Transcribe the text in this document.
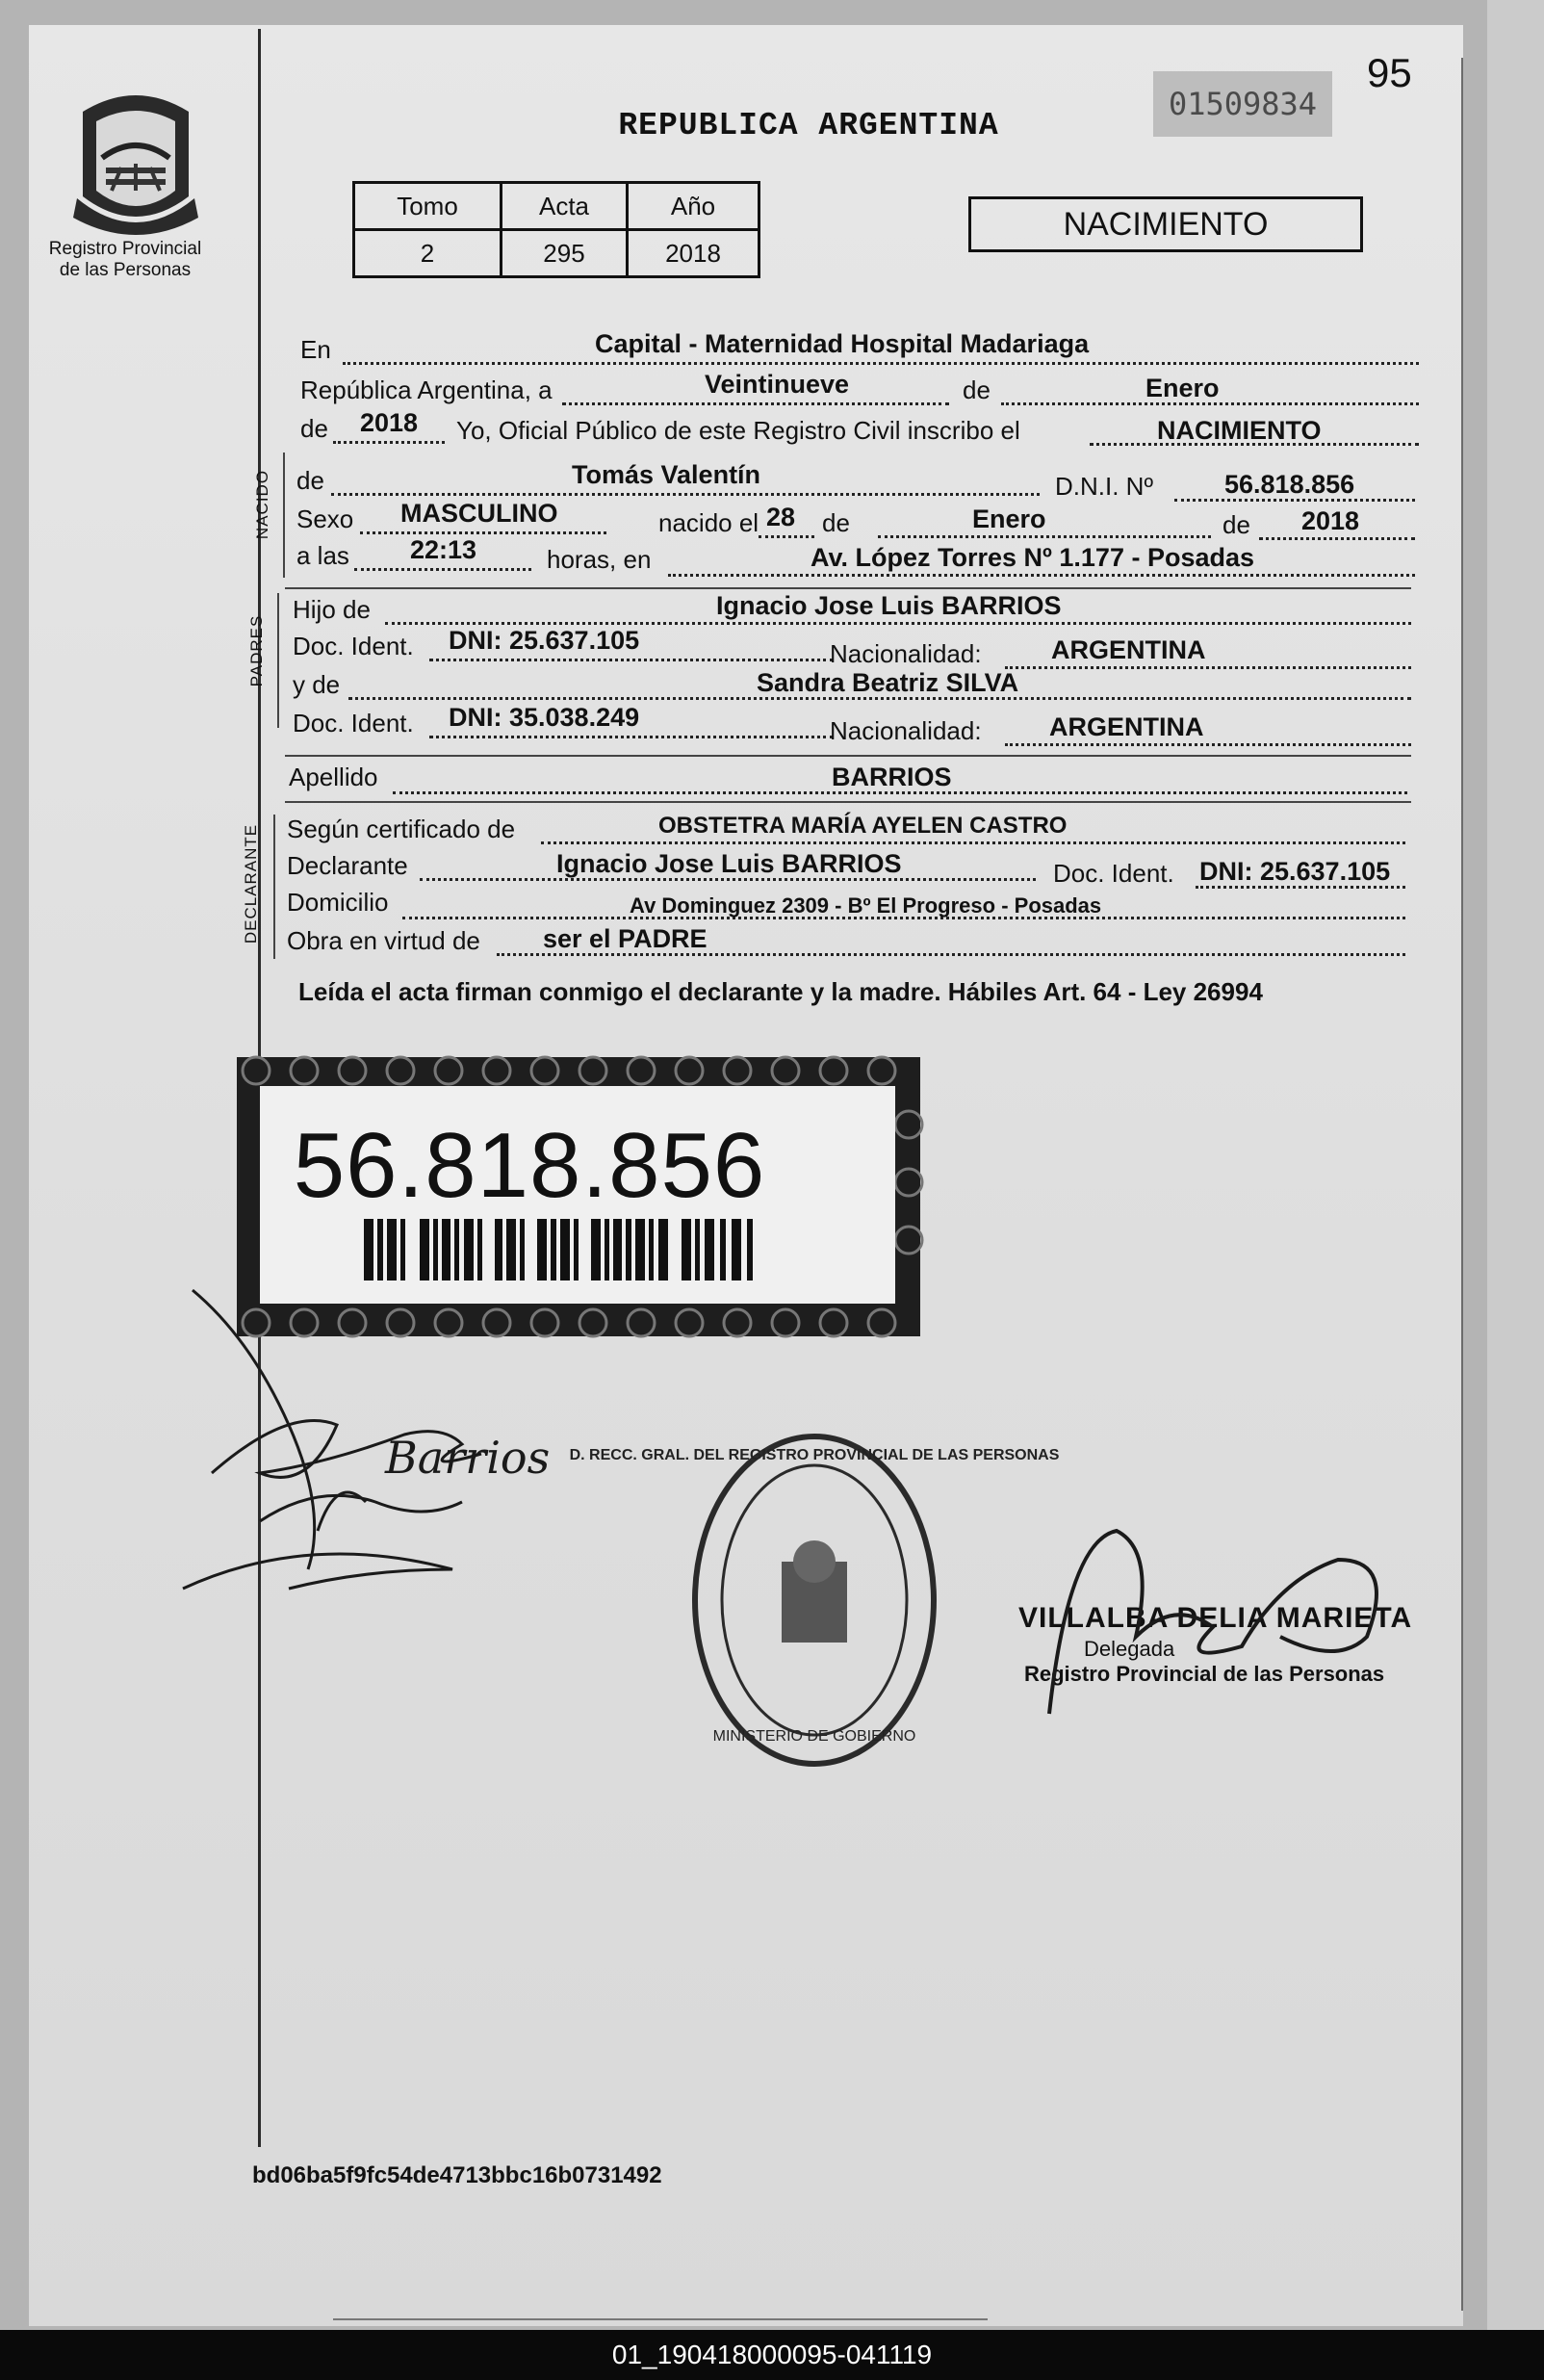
Registro Provincial
de las Personas
REPUBLICA ARGENTINA
01509834
95
Tomo	Acta	Año
2	295	2018
NACIMIENTO
En	Capital - Maternidad Hospital Madariaga
República Argentina, a	Veintinueve	de	Enero
de 2018 Yo, Oficial Público de este Registro Civil inscribo el	NACIMIENTO
NACIDO de	Tomás Valentín	D.N.I. Nº	56.818.856
Sexo MASCULINO	nacido el 28 de	Enero	de 2018
a las 22:13	horas, en	Av. López Torres Nº 1.177 - Posadas
PADRES
Hijo de	Ignacio Jose Luis BARRIOS
Doc. Ident. DNI: 25.637.105	Nacionalidad:	ARGENTINA
y de	Sandra Beatriz SILVA
Doc. Ident. DNI: 35.038.249	Nacionalidad:	ARGENTINA
Apellido	BARRIOS
DECLARANTE Según certificado de	OBSTETRA MARÍA AYELEN CASTRO
Declarante	Ignacio Jose Luis BARRIOS	Doc. Ident. DNI: 25.637.105
Domicilio	Av Dominguez 2309 - Bº El Progreso - Posadas
Obra en virtud de ser el PADRE
Leída el acta firman conmigo el declarante y la madre. Hábiles Art. 64 - Ley 26994
56.818.856
Barrios D. RECC. GRAL. DEL REGISTRO PROVINCIAL DE LAS PERSONAS
MINISTERIO DE GOBIERNO
VILLALBA DELIA MARIETA
Delegada
Registro Provincial de las Personas
bd06ba5f9fc54de4713bbc16b0731492
01_190418000095-041119
